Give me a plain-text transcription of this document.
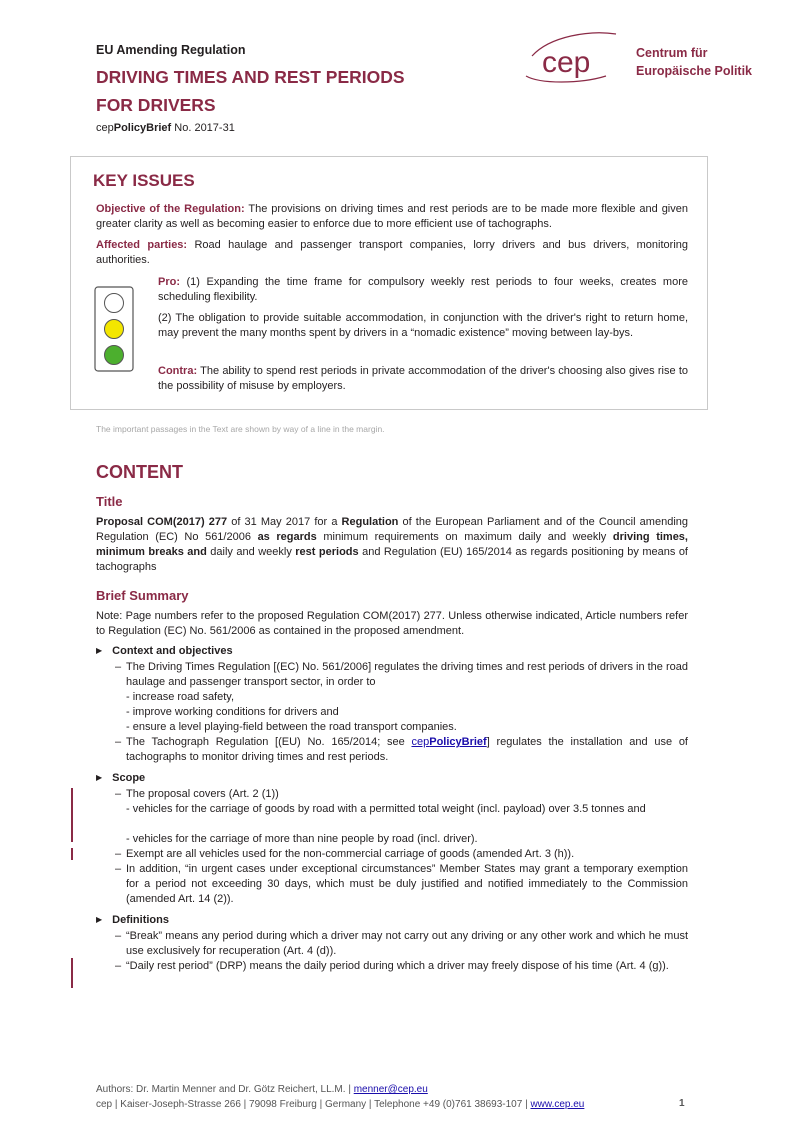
EU Amending Regulation
DRIVING TIMES AND REST PERIODS
FOR DRIVERS
cepPolicyBrief No. 2017-31
cep	Centrum für
Europäische Politik
KEY ISSUES
Objective of the Regulation: The provisions on driving times and rest periods are to be made more flexible and given greater clarity as well as becoming easier to enforce due to more efficient use of tachographs.
Affected parties: Road haulage and passenger transport companies, lorry drivers and bus drivers, monitoring authorities.
Pro: (1) Expanding the time frame for compulsory weekly rest periods to four weeks, creates more scheduling flexibility.
(2) The obligation to provide suitable accommodation, in conjunction with the driver's right to return home, may prevent the many months spent by drivers in a “nomadic existence” moving between lay-bys.
Contra: The ability to spend rest periods in private accommodation of the driver's choosing also gives rise to the possibility of misuse by employers.
The important passages in the Text are shown by way of a line in the margin.
CONTENT
Title
Proposal COM(2017) 277 of 31 May 2017 for a Regulation of the European Parliament and of the Council amending Regulation (EC) No 561/2006 as regards minimum requirements on maximum daily and weekly driving times, minimum breaks and daily and weekly rest periods and Regulation (EU) 165/2014 as regards positioning by means of tachographs
Brief Summary
Note: Page numbers refer to the proposed Regulation COM(2017) 277. Unless otherwise indicated, Article numbers refer to Regulation (EC) No. 561/2006 as contained in the proposed amendment.
▶ Context and objectives
– The Driving Times Regulation [(EC) No. 561/2006] regulates the driving times and rest periods of drivers in the road haulage and passenger transport sector, in order to
- increase road safety,
- improve working conditions for drivers and
- ensure a level playing-field between the road transport companies.
– The Tachograph Regulation [(EU) No. 165/2014; see cepPolicyBrief] regulates the installation and use of tachographs to monitor driving times and rest periods.
▶ Scope
– The proposal covers (Art. 2 (1))
- vehicles for the carriage of goods by road with a permitted total weight (incl. payload) over 3.5 tonnes and
- vehicles for the carriage of more than nine people by road (incl. driver).
– Exempt are all vehicles used for the non-commercial carriage of goods (amended Art. 3 (h)).
– In addition, “in urgent cases under exceptional circumstances” Member States may grant a temporary exemption for a period not exceeding 30 days, which must be duly justified and notified immediately to the Commission (amended Art. 14 (2)).
▶ Definitions
– “Break” means any period during which a driver may not carry out any driving or any other work and which he must use exclusively for recuperation (Art. 4 (d)).
– “Daily rest period” (DRP) means the daily period during which a driver may freely dispose of his time (Art. 4 (g)).
Authors: Dr. Martin Menner and Dr. Götz Reichert, LL.M. | menner@cep.eu
cep | Kaiser-Joseph-Strasse 266 | 79098 Freiburg | Germany | Telephone +49 (0)761 38693-107 | www.cep.eu	1
